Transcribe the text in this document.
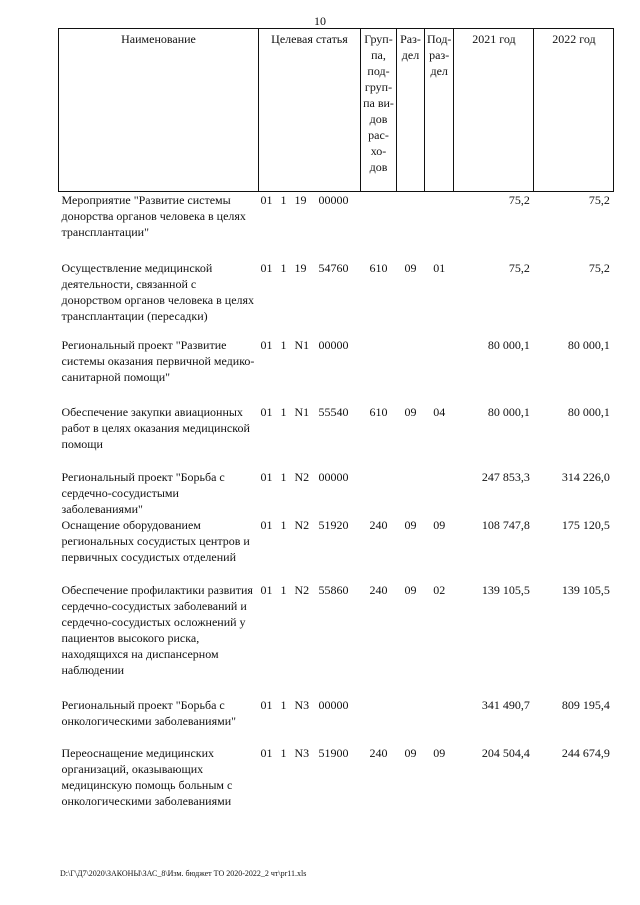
10
Наименование	Целевая статья	Груп-па, под-груп-па ви-дов рас-хо-дов	Раз-дел	Под-раз-дел	2021 год	2022 год
Мероприятие "Развитие системы донорства органов человека в целях трансплантации"	01 1 19 00000				75,2	75,2
Осуществление медицинской деятельности, связанной с донорством органов человека в целях трансплантации (пересадки)	01 1 19 54760	610	09	01	75,2	75,2
Региональный проект "Развитие системы оказания первичной медико-санитарной помощи"	01 1 N1 00000				80 000,1	80 000,1
Обеспечение закупки авиационных работ в целях оказания медицинской помощи	01 1 N1 55540	610	09	04	80 000,1	80 000,1
Региональный проект "Борьба с сердечно-сосудистыми заболеваниями"	01 1 N2 00000				247 853,3	314 226,0
Оснащение оборудованием региональных сосудистых центров и первичных сосудистых отделений	01 1 N2 51920	240	09	09	108 747,8	175 120,5
Обеспечение профилактики развития сердечно-сосудистых заболеваний и сердечно-сосудистых осложнений у пациентов высокого риска, находящихся на диспансерном наблюдении	01 1 N2 55860	240	09	02	139 105,5	139 105,5
Региональный проект "Борьба с онкологическими заболеваниями"	01 1 N3 00000				341 490,7	809 195,4
Переоснащение медицинских организаций, оказывающих медицинскую помощь больным с онкологическими заболеваниями	01 1 N3 51900	240	09	09	204 504,4	244 674,9
D:\Г\Д7\2020\ЗАКОНЫ\ЗАС_8\Изм. бюджет ТО 2020-2022_2 чт\pr11.xls
